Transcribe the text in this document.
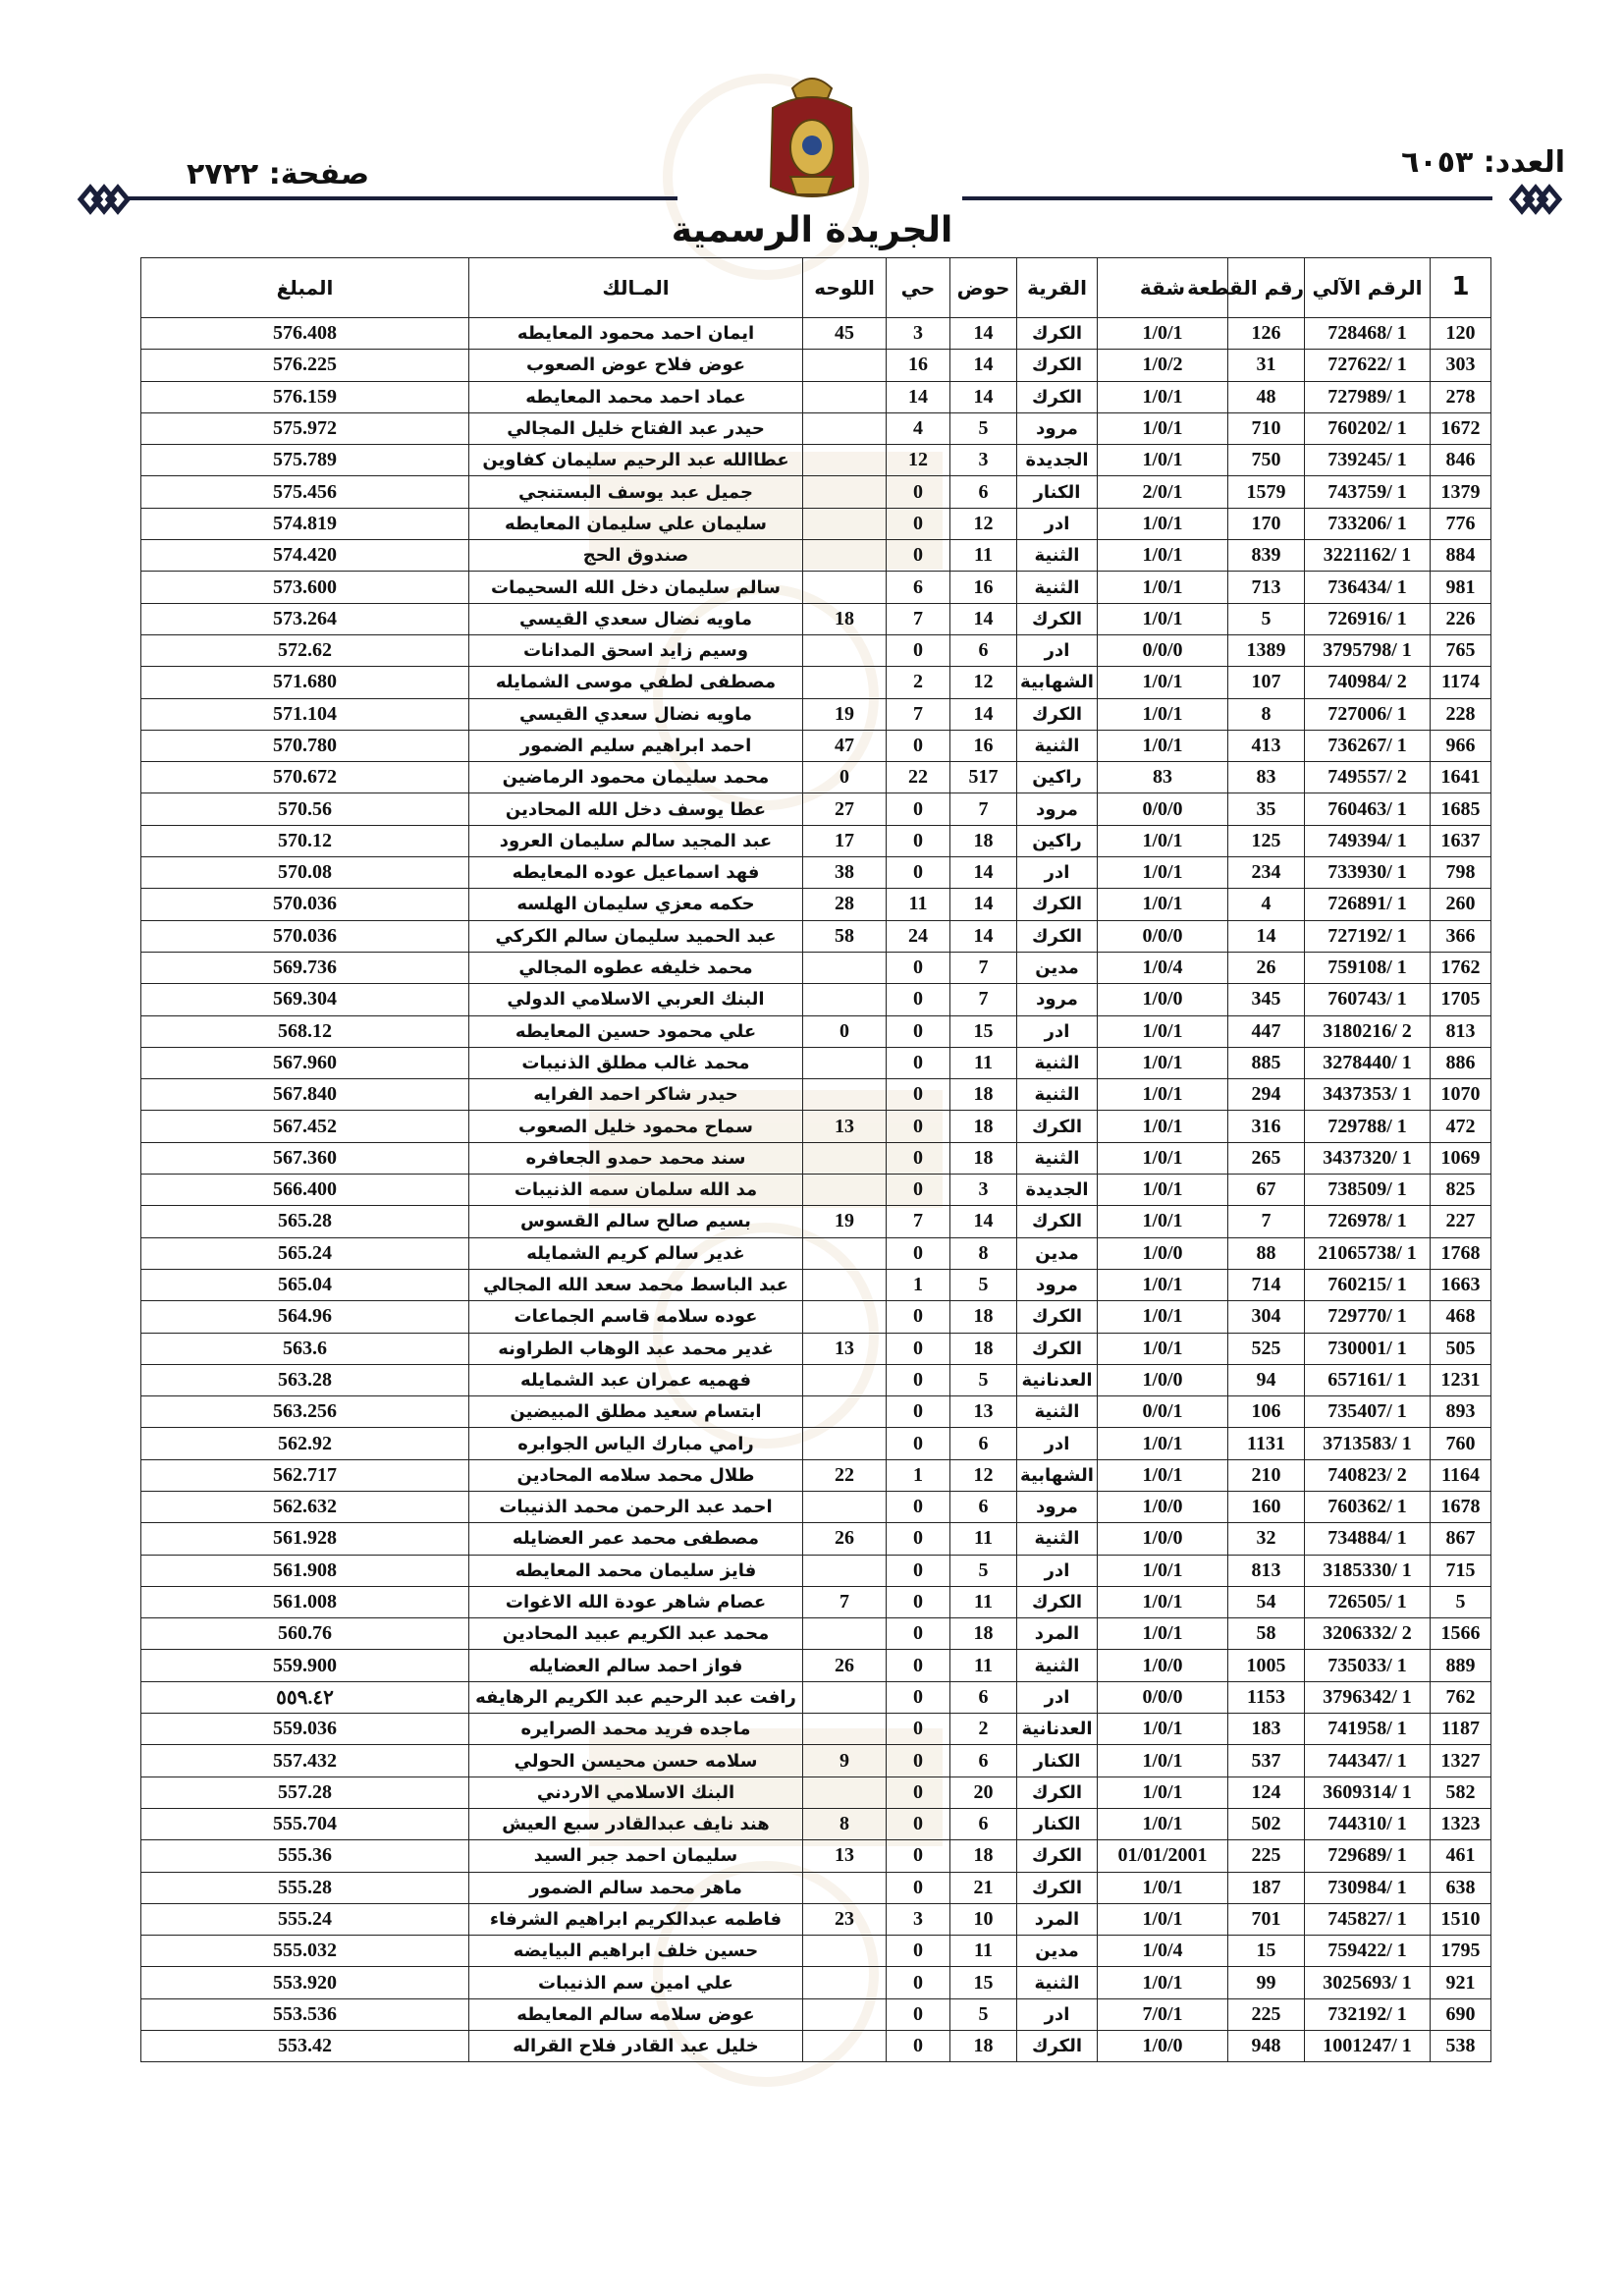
العدد: ٦٠٥٣
صفحة: ٢٧٢٢
الجريدة الرسمية
1	الرقم الآلي	رقم القطعة	شقة	القرية	حوض	حي	اللوحه	المـالك	المبلغ
120	1 /728468	126	1/0/1	الكرك	14	3	45	ايمان احمد محمود المعايطه	576.408
303	1 /727622	31	1/0/2	الكرك	14	16		عوض فلاح عوض الصعوب	576.225
278	1 /727989	48	1/0/1	الكرك	14	14		عماد احمد محمد المعايطه	576.159
1672	1 /760202	710	1/0/1	مرود	5	4		حيدر عبد الفتاح خليل المجالي	575.972
846	1 /739245	750	1/0/1	الجديدة	3	12		عطاالله عبد الرحيم سليمان كفاوين	575.789
1379	1 /743759	1579	2/0/1	الكنار	6	0		جميل عبد يوسف البستنجي	575.456
776	1 /733206	170	1/0/1	ادر	12	0		سليمان علي سليمان المعايطه	574.819
884	1 /3221162	839	1/0/1	الثنية	11	0		صندوق الحج	574.420
981	1 /736434	713	1/0/1	الثنية	16	6		سالم سليمان دخل الله السحيمات	573.600
226	1 /726916	5	1/0/1	الكرك	14	7	18	ماويه نضال سعدي القيسي	573.264
765	1 /3795798	1389	0/0/0	ادر	6	0		وسيم زايد اسحق المدانات	572.62
1174	2 /740984	107	1/0/1	الشهابية	12	2		مصطفى لطفي موسى الشمايله	571.680
228	1 /727006	8	1/0/1	الكرك	14	7	19	ماويه نضال سعدي القيسي	571.104
966	1 /736267	413	1/0/1	الثنية	16	0	47	احمد ابراهيم سليم الضمور	570.780
1641	2 /749557	83	83	راكين	517	22	0	محمد سليمان محمود الرماضين	570.672
1685	1 /760463	35	0/0/0	مرود	7	0	27	عطا يوسف دخل الله المحادين	570.56
1637	1 /749394	125	1/0/1	راكين	18	0	17	عبد المجيد سالم سليمان العرود	570.12
798	1 /733930	234	1/0/1	ادر	14	0	38	فهد اسماعيل عوده المعايطه	570.08
260	1 /726891	4	1/0/1	الكرك	14	11	28	حكمه معزي سليمان الهلسه	570.036
366	1 /727192	14	0/0/0	الكرك	14	24	58	عبد الحميد سليمان سالم الكركي	570.036
1762	1 /759108	26	1/0/4	مدين	7	0		محمد خليفه عطوه المجالي	569.736
1705	1 /760743	345	1/0/0	مرود	7	0		البنك العربي الاسلامي الدولي	569.304
813	2 /3180216	447	1/0/1	ادر	15	0	0	علي محمود حسين المعايطه	568.12
886	1 /3278440	885	1/0/1	الثنية	11	0		محمد غالب مطلق الذنيبات	567.960
1070	1 /3437353	294	1/0/1	الثنية	18	0		حيدر شاكر احمد الفرايه	567.840
472	1 /729788	316	1/0/1	الكرك	18	0	13	سماح محمود خليل الصعوب	567.452
1069	1 /3437320	265	1/0/1	الثنية	18	0		سند محمد حمدو الجعافره	567.360
825	1 /738509	67	1/0/1	الجديدة	3	0		مد الله سلمان سمه الذنيبات	566.400
227	1 /726978	7	1/0/1	الكرك	14	7	19	بسيم صالح سالم القسوس	565.28
1768	1 /21065738	88	1/0/0	مدين	8	0		غدير سالم كريم الشمايله	565.24
1663	1 /760215	714	1/0/1	مرود	5	1		عبد الباسط محمد سعد الله المجالي	565.04
468	1 /729770	304	1/0/1	الكرك	18	0		عوده سلامه قاسم الجماعات	564.96
505	1 /730001	525	1/0/1	الكرك	18	0	13	غدير محمد عبد الوهاب الطراونه	563.6
1231	1 /657161	94	1/0/0	العدنانية	5	0		فهميه عمران عبد الشمايله	563.28
893	1 /735407	106	0/0/1	الثنية	13	0		ابتسام سعيد مطلق المبيضين	563.256
760	1 /3713583	1131	1/0/1	ادر	6	0		رامي مبارك الياس الجوابره	562.92
1164	2 /740823	210	1/0/1	الشهابية	12	1	22	طلال محمد سلامه المحادين	562.717
1678	1 /760362	160	1/0/0	مرود	6	0		احمد عبد الرحمن محمد الذنيبات	562.632
867	1 /734884	32	1/0/0	الثنية	11	0	26	مصطفى محمد عمر العضايله	561.928
715	1 /3185330	813	1/0/1	ادر	5	0		فايز سليمان محمد المعايطه	561.908
5	1 /726505	54	1/0/1	الكرك	11	0	7	عصام شاهر عودة الله الاغوات	561.008
1566	2 /3206332	58	1/0/1	المرد	18	0		محمد عبد الكريم عبيد المحادين	560.76
889	1 /735033	1005	1/0/0	الثنية	11	0	26	فواز احمد سالم العضايله	559.900
762	1 /3796342	1153	0/0/0	ادر	6	0		رافت عبد الرحيم عبد الكريم الرهايفه	٥٥٩.٤٢
1187	1 /741958	183	1/0/1	العدنانية	2	0		ماجده فريد محمد الصرايره	559.036
1327	1 /744347	537	1/0/1	الكنار	6	0	9	سلامه حسن محيسن الحولي	557.432
582	1 /3609314	124	1/0/1	الكرك	20	0		البنك الاسلامي الاردني	557.28
1323	1 /744310	502	1/0/1	الكنار	6	0	8	هند نايف عبدالقادر سبع العيش	555.704
461	1 /729689	225	01/01/2001	الكرك	18	0	13	سليمان احمد جبر السيد	555.36
638	1 /730984	187	1/0/1	الكرك	21	0		ماهر محمد سالم الضمور	555.28
1510	1 /745827	701	1/0/1	المرد	10	3	23	فاطمه عبدالكريم ابراهيم الشرفاء	555.24
1795	1 /759422	15	1/0/4	مدين	11	0		حسين خلف ابراهيم البيايضه	555.032
921	1 /3025693	99	1/0/1	الثنية	15	0		علي امين سم الذنيبات	553.920
690	1 /732192	225	7/0/1	ادر	5	0		عوض سلامه سالم المعايطه	553.536
538	1 /1001247	948	1/0/0	الكرك	18	0		خليل عبد القادر فلاح القراله	553.42
